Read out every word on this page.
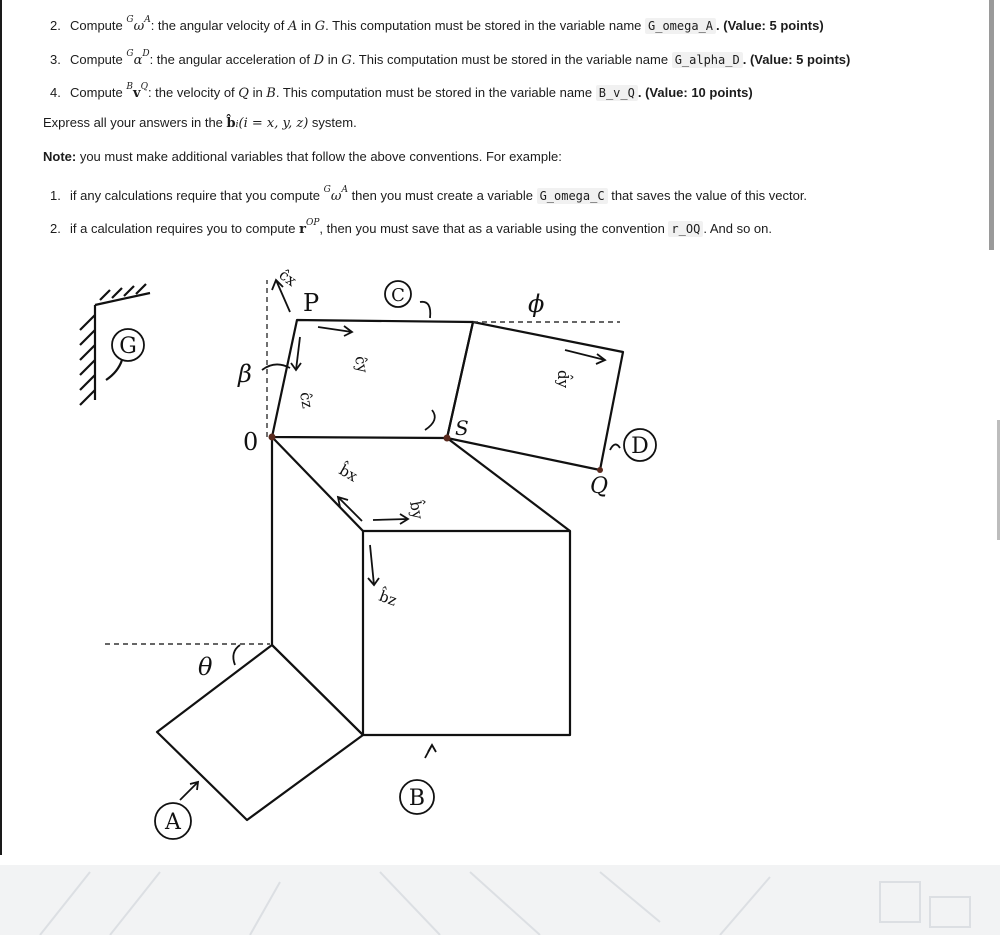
2. Compute $^G\omega^A$: the angular velocity of A in G. This computation must be stored in the variable name G_omega_A . (Value: 5 points)
3. Compute $^G\alpha^D$: the angular acceleration of D in G. This computation must be stored in the variable name G_alpha_D . (Value: 5 points)
4. Compute $^Bv^Q$: the velocity of Q in B. This computation must be stored in the variable name B_v_Q . (Value: 10 points)
Express all your answers in the b̂i(i = x, y, z) system.
Note: you must make additional variables that follow the above conventions. For example:
1. if any calculations require that you compute $^G\omega^A$ then you must create a variable G_omega_C that saves the value of this vector.
2. if a calculation requires you to compute $r^{OP}$, then you must save that as a variable using the convention r_OQ . And so on.
G
C
D
B
A
P
S
Q
0
β
θ
ϕ
ĉx
ĉy
ĉz
d̂y
b̂x
b̂y
b̂z
